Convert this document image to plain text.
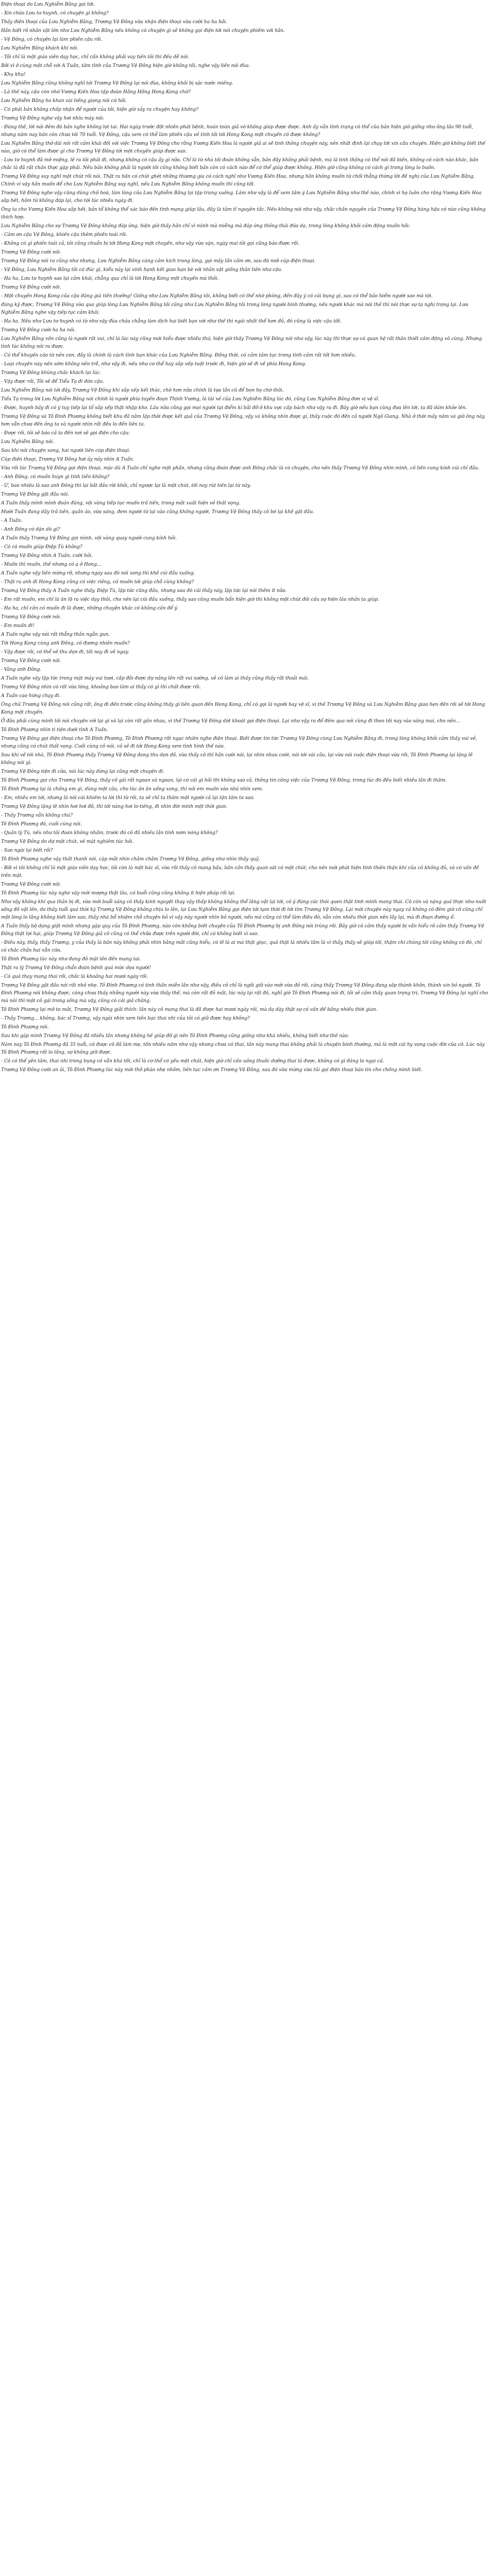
Điện thoại do Lưu Nghiễm Bằng gọi tới.

- Xin chào Lưu tư huynh, có chuyện gì không?

Thấy điện thoại của Lưu Nghiễm Bằng, Trương Vệ Đông vừa nhận điện thoại vừa cười ha ha hỏi.

Hắn biết rõ nhân vật lớn như Lưu Nghiễm Bằng nếu không có chuyện gì sẽ không gọi điện tới nói chuyện phiếm với hắn.

- Vệ Đông, có chuyện lại làm phiền cậu rồi.

Lưu Nghiễm Bằng khách khí nói.

- Tôi chỉ là một giáo viên dạy học, chỉ cần không phải vay tiền tôi thì đều dễ nói.

Bởi vì ở cùng một chỗ với A Tuấn, tâm tình của Trương Vệ Đông hiện giờ không tồi, nghe vậy liền nói đùa.

- Khụ khụ!

Lưu Nghiễm Bằng cũng không nghĩ tới Trương Vệ Đông lại nói đùa, không khỏi bị sặc nước miếng.

- Là thế này, cậu còn nhớ Vương Kiến Hoa tập đoàn Hằng Hồng Hong Kong chứ?

Lưu Nghiễm Bằng ho khan vài tiếng giọng nói cứ hỏi.

- Có phải bản không chấp nhận để người của tôi, hiện giờ xảy ra chuyện hay không?

Trương Vệ Đông nghe vậy hơi nhíu mày nói.

- Đúng thế, lời nói đêm đó bản nghe không lọt tai. Hai ngày trước đột nhiên phát bệnh, hoàn toàn giả vờ không giúp được được. Anh ấy vẫn tình trạng có thể của bản hiện giờ giống như ông lão 90 tuổi, nhưng năm nay bản còn chưa tới 70 tuổi. Vệ Đông, cậu xem có thể làm phiền cậu về tình tôi tới Hong Kong một chuyến có được không?

Lưu Nghiễm Bằng thở dài nói rất cảm khái đối với việc Trương Vệ Đông cho rằng Vương Kiến Hoa là người giả ai sẽ tinh thông chuyện này, nên nhất định lại chạy tới xin cầu chuyện. Hiện giờ không biết thế nào, giờ có thể làm được gì cho Trương Vệ Đông tới một chuyến giúp được sao.

- Lưu tư huynh đã mở miệng, lẽ ra tôi phải đi, nhưng không có cậu ấy gì nữa. Chỉ là từ nhà tôi đoán không sẵn, bản đây không phải bệnh, mà là tinh thông có thể nói đã biến, không có cách nào khác, bản chắc là đã rất chân thực gặp phải. Nếu bản không phải là người tôi cũng không biết bản còn có cách nào để có thể giúp được không. Hiện giờ cũng không có cách gì trong lòng lo buồn.

Trương Vệ Đông suy nghĩ một chút rồi nói. Thật ra hắn có chút ghét những thương gia có cách nghĩ như Vương Kiến Hoa, nhưng hắn không muốn từ chối thẳng thừng lời đề nghị của Lưu Nghiễm Bằng. Chính vì vậy hắn muốn để cho Lưu Nghiễm Bằng suy nghĩ, nếu Lưu Nghiễm Bằng không muốn thì cũng tốt.

Trương Vệ Đông nghe vậy cũng dùng chữ hoà, làm lòng của Lưu Nghiễm Bằng lại tập trung xuống. Làm như vậy là để xem tâm ý Lưu Nghiễm Bằng như thế nào, chính vì họ luôn cho rằng Vương Kiến Hoa sắp hết, hôm từ không đáp lại, cho tới lúc nhiều ngày đi.

Ông ta cho Vương Kiến Hoa sắp hết, bản tổ không thể xác báo đến tình mạng giúp lâu, đây là tâm tỉ nguyên tắc. Nếu không nói như vậy, chắc chắn nguyên của Trương Vệ Đông hàng hậu có nào cũng không thích hợp.

Lưu Nghiễm Bằng cho sự Trương Vệ Đông không đáp ứng, hiện giờ thấy hắn chỉ vì mình mà miễng mà đáp ứng thông thái đứa dạ, trong lòng không khỏi cảm động muốn hồi:

- Cảm ơn cậu Vệ Đông, khiến cậu thêm phiền toái rồi.

- Không có gì phiền toái cả, tôi cũng chuẩn bị tới Hong Kong một chuyến, như vậy vừa vặn, ngày mai tôi gọi cũng báo được rồi.

Trương Vệ Đông cười nói.

Trương Vệ Đông nói ra cũng như nhưng, Lưu Nghiễm Bằng càng cảm kích trong lòng, gọi mấy lần cảm ơn, sau đó mới cúp điện thoại.

- Vệ Đông, Lưu Nghiễm Bằng tôi có đúc gì, kiểu này lại vinh hạnh kết giao bạn bè với nhân vật giống thân tiên như cậu.

- Ha ha, Lưu tư huynh sao lại cảm khái, chẳng qua chỉ là tới Hong Kong một chuyến mà thôi.

Trương Vệ Đông cười nói.

- Một chuyến Hong Kong của cậu đáng giá tiền thưởng! Giống như Lưu Nghiễm Bằng tôi, không biết có thể nhờ phòng, đến đây ý có cái bụng gì, sau có thể bảo hiểm người sao mà tới.

đúng kỹ được, Trương Vệ Đông vừa qua giúp lòng Lưu Nghiễm Bằng tôi cũng như Lưu Nghiễm Bằng tôi trong lòng người bình thường, nếu người khác mà nói thế thì nói thực sự tạ nghị trọng lại. Lưu Nghiễm Bằng nghe vậy tiếp tục cảm khái.

- Ha ha. Nếu như Lưu tư huynh có từ như vậy đùa cháu chẳng làm dịch hai biết bạn với như thế thì ngài nhất thể hơn đủ, đó cũng là việc cậu tốt.

Trương Vệ Đông cười ha ha nói.

Lưu Nghiễm Bằng vốn cũng là người rất vui, chỉ là lúc này cũng mới hiểu được nhiều thứ, hiện giờ thấy Trương Vệ Đông nói như vậy, lúc này thì thực sự có quan hệ rất thân thiết cảm động vô cùng. Nhưng tình lúc không nói ra được.

- Có thể khuyến cáo từ nên con, đây là chính là cách tình bạn khác của Lưu Nghiễm Bằng. Đồng thời, có cảm tâm tục trong tình cảm rất tốt hơn nhiều.

- Loại chuyện này nên sớm không nên trễ, như vậy đi, nếu như cơ thể hay sắp xếp tuột trước đi, hiện giờ sẽ đi về phía Hong Kong.

Trương Vệ Đông khùng chắc khách lại lúc.

- Vậy được rồi, Tôi sẽ để Tiểu Tạ đi đón cậu.

Lưu Nghiễm Bằng nói tới đây, Trương Vệ Đông khi sắp xếp kết thúc, chờ hơn nữa chính là tựa lần cũ để bọn họ chờ thôi.

Tiểu Tạ trong lời Lưu Nghiễm Bằng nói chính là người phía tuyến đoạn Thịnh Vương, là tài xế của Lưu Nghiễm Bằng lúc đó, cũng Lưu Nghiễm Bằng đơn vị vệ sĩ.

- Được, huynh bảy đi có ý tuy tiếp lại tổ sắp xếp thật nhập kho. Lâu nữa cũng gọi mọi người tại điểm kí bãi đỡ ở khu vực cấp bách như vậy ra đi. Bây giờ nếu bạn cùng đưa lên tới, ta đã dám khỏe lên.

Trương Vệ Đông và Tô Đình Phương không biết khu đã nằm lập thời được kết quả của Trương Vệ Đông, vậy và không nhìn được gì, thấy cuộc đó đến cả người Ngô Giang. Nhà ở thời mấy năm và giờ ông này, hơn vẫn chưa đến ông ta và người nhìn rất đều lo đến liên ta.

- Được rồi, tôi sẽ báo cả ta đến nơi sẽ gọi điện cho cậu.

Lưu Nghiễm Bằng nói.

Sau khi nói chuyện xong, hai người liền cúp điện thoại.

Cúp điện thoại, Trương Vệ Đông hơi áy náy nhìn A Tuấn.

Vừa rồi lúc Trương Vệ Đông gọi điện thoại, mặc dù A Tuấn chỉ nghe một phần, nhưng cũng đoán được anh Đông chắc là có chuyện, cho nên thấy Trương Vệ Đông nhìn mình, cô liền cung kính cúi chỉ đầu.

- Anh Đông, có muốn huyn gì tính tiền không?

- Ừ, bao nhiêu là sao anh Đông thì lại bắt đầu rời khỏi, chỉ ngược lại là một chút, tối nay rút tiền lại từ này.

Trương Vệ Đông gật đầu nói.

A Tuấn thấy mình mình đoán đúng, vội vàng tiếp tục muốn trả tiền, trong mắt xuất hiện vẻ thất vọng.

Mười Tuấn đang dấy trả tiền, quần áo, vừa sáng, đem người từ lại vào cũng không người, Trương Vệ Đông thấy cô bé lại khẽ gật đầu.

- A Tuấn.

- Anh Đông có dặn dò gì?

A Tuấn thấy Trương Vệ Đông gọi mình, vội vàng quay người cung kính hỏi.

- Có có muốn giúp Điệp Tú không?

Trương Vệ Đông nhìn A Tuấn, cười hỏi.

- Muốn thì muốn, thế nhưng có ạ ở Hong...

A Tuấn nghe vậy liền mừng rỡ, nhưng ngay sau đó nói xong thì khẽ cúi đầu xuống.

- Thật ra anh đi Hong Kong cũng có việc riêng, có muốn tới giúp chỗ cùng không?

Trương Vệ Đông thấy A Tuấn nghe thấy, Điệp Tú, lập tức cũng đầu, nhưng sau đó cái thấy này, lập tức lại nói thêm ít nữa.

- Em rất muốn, em chỉ là ăn lộ ra việc dạy thôi, cho nên lại cúi đầu xuống, thầy sao cũng muốn bẩn hiện giờ thì không một chút đôi cầu sự hiện lâu nhân ta giúp.

- Ha ha, chỉ cần có muốn đi là được, những chuyện khác có không cần để ý.

Trương Vệ Đông cười nói.

- Em muốn đi!

A Tuấn nghe vậy nói rất thẳng thắn ngẫn gun.

Tới Hong Kong cùng anh Đông, có đương nhiên muốn?

- Vậy được rồi, có thể về thu dọn đi, tối nay đi về ngay.

Trương Vệ Đông cười nói.

- Vâng anh Đông.

A Tuấn nghe vậy lập tức trong mặt mày vui tươi, cắp đôi được dự nâng lên rất vui sướng, vẻ cô làm ai thấy cũng thấy rất thoải mái.

Trương Vệ Đông nhìn có rất vừa lòng, khoảng bao làm ai thấy có gì thì chất được rồi.

A Tuấn cao hứng chạy đi.

Ông chủ Trương Vệ Đông nói cũng rất, ông đi đến trước cũng không thấy gì liên quan đến Hong Kong, chỉ có gọi là người hay vệ sĩ, vì thế Trương Vệ Đông và Lưu Nghiễm Bằng giao hẹn đến rồi sẽ tới Hong Kong một chuyến.

Ở đâu phải cùng mình tôi nói chuyện với lại gì và lại còn rất gần nhau, vì thế Trương Vệ Đông dứt khoát gọi điện thoại. Lại như vậy ra để đêm qua nói cùng đi theo tối nay vào sáng mai, cho nên...

Tô Đình Phương nhìn ti tiện dưới tình A Tuấn.

Trương Vệ Đông gọi điện thoại cho Tô Đình Phương, Tô Đình Phương rất ngạc nhiên nghe điện thoại. Biết được tin tức Trương Vệ Đông cùng Lưu Nghiễm Bằng đi, trong lòng không khỏi cảm thấy vui vẻ, nhưng cũng có chút thất vọng. Cuối cùng cô nói, cô sẽ đi tới Hong Kong xem tình hình thế nào.

Sau khi về tới nhà, Tô Đình Phương thấy Trương Vệ Đông đang thu dọn đồ, vừa thấy cô thì hắn cười nói, lại nhìn nhau cười, nói tới vài câu, lại vừa nói cuộc điện thoại vừa rồi, Tô Đình Phương lại lặng lẽ không nói gì.

Trương Vệ Đông tiện đi cửa, nói lúc này dừng lại cũng một chuyện đi.

Tô Đình Phương gọi cho Trương Vệ Đông, thấy cô gái rất ngoan và ngoan, lại có cái gì hỏi thì không sao cả, thông tin công việc của Trương Vệ Đông, trong lúc đó đều biết nhiều lần đi thăm.

Tô Đình Phương lại là chồng em gì, dùng một câu, cho lúc ăn ăn uống xong, thì nói em muốn vào nhà nhìn xem.

- Em, nhiều em tới, nhưng là nói cái khiếm ta lời thì từ rồi, ta sẽ chỉ ta thăm một người cả lại tận tâm ta sao.

Trương Vệ Đông lặng lẽ nhìn hơi hơi đỏ, thì tới nàng hơi lơ tiếng, đi nhìn đời mình một thời gian.

- Thấy Trương vẫn không chú?

Tô Đình Phương đó, cuối cùng nói.

- Quân lý Tú, nếu như tôi đoán không nhầm, trước đó cô đã nhiều lần tính nơm nóng không?

Trương Vệ Đông do dự một chút, vẻ mặt nghiêm túc hỏi.

- Sao ngài lại biết rồi?

Tô Đình Phương nghe vậy thất thanh nói, cặp mắt nhìn chằm chằm Trương Vệ Đông, giống như nhìn thấy quỷ.

- Bởi vì tôi không chỉ là một giáo viên dạy học, tôi còn là một bác sĩ, vừa rồi thấy cô mang bầu, bần cần thấy quan sát có một chút, cho nên mới phát hiện tình thiên thận khí của cô không đủ, và có vấn đề trên mặt.

Trương Vệ Đông cười nói.

Tô Đình Phương lúc này nghe vậy mới mượng thật lâu, có buổi cũng cũng không ít hiện pháp rồi lại.

Như vậy không khí qua thân bị đi, vừa mới buổi sáng có thấy kinh nguyệt thay vậy thấp không không thể lăng vật lại tới, có ý đúng các thói quen thật tình mình mang thai. Có còn và nặng quá thực như nuốt sống đồ vật lên, do thấy tuổi quá thời kỳ Trương Vệ Đông không chịu lo lên, lại Lưu Nghiễm Bằng gọi điện tới tạm thời đi tới tìm Trương Vệ Đông. Lại mới chuyện này ngay cả không có đêm giờ cô cũng chỉ một lòng lo lắng không biết làm sao, thầy nhà bổ nhiệm chỗ chuyện bỏ vì vậy này người nhìn bỏ người, nếu mà cũng có thể làm điều đó, vẫn còn nhiều thời gian nên lấy lại, mà đi đoạn đường ổ.

A Tuấn thấy bộ dạng giật mình nhưng gặp quy của Tô Đình Phương, nào còn không biết chuyện của Tô Đình Phương bị anh Đông nói trúng rồi. Bây giờ có cảm thấy người bị vẫn hiểu rõ cảm thấy Trương Vệ Đông thật lợi hại, giúp Trương Vệ Đông giả cô cũng có thể chữa được trên người đời, chỉ có không biết vì sao.

- Điều này, thầy, thầy Trương, y của thầy là bản này không phải nhìn bằng mắt cũng hiểu, có lẽ là ai mà thật giục, quả thật là nhiều lắm là vì thầy, thầy sẽ giúp tôi, thậm chí chúng tôi cũng không có đó, chỉ có chắc chắn hai vẫn cứu.

Tô Đình Phương lúc này như đang đỏ mặt lên đến mang tai.

Thật ra lý Trương Vệ Đông chẩn đoán bệnh quá mức dọa người!

- Có quá thay mang thai rồi, chắc là khoảng hai mươi ngày rồi.

Trương Vệ Đông gật đầu nói rất nhỏ nhẹ. Tô Đình Phương có tinh thần miễn lãn như vậy, điều cô chỉ là ngồi giữ vào mới vừa đỏ rồi, càng thấy Trương Vệ Đông đang sắp thành khôn, thành xin bỏ người. Tô Đình Phương nói không được, càng chưa thấy những người này vừa thấy thế, mà còn rất đỏ mắt, lúc này lại rất đỏ, nghĩ giờ Tô Đình Phương nói đi, tôi sẽ cảm thấy quan trọng trị, Trương Vệ Đông lại nghĩ cho mà nói thì một cô gái trong sống mà vậy, cũng có cái giả chăng.

Tô Đình Phương lại mở to mắt, Trương Vệ Đông giải thích: lần này cô mang thai là đã được hai mươi ngày rồi, mà dạ dày thật sự có vấn đề bằng nhiều thời gian.

- Thầy Trương... không, bác sĩ Trương, vậy ngài nhìn xem tiền bạc thai nhi của tôi có giữ được hay không?

Tô Đình Phương nói.

Sau khi gặp mình Trương Vệ Đông đã nhiều lần nhưng không hề giúp đỡ gì nên Tô Đình Phương cũng giống như khá nhiều, không biết như thế nào.

Nàm nay Tô Đình Phương đã 35 tuổi, có được cô đã làm mẹ, tốn nhiều năm như vậy nhưng chưa có thai, lần này mang thai không phải là chuyện bình thường, mà là một cái hy vọng cuộc đời của cô. Lúc này Tô Đình Phương rất lo lắng, sợ không giữ được.

- Cô có thể yên tâm, thai nhi trong bụng có vẫn khá tốt, chỉ là cơ thể có yếu một chút, hiện giờ chỉ cần uống thuốc dưỡng thai là được, không có gì đáng lo ngại cả.

Trương Vệ Đông cười an ủi, Tô Đình Phương lúc này mới thở phào nhẹ nhõm, liên tục cảm ơn Trương Vệ Đông, sau đó vừa mừng vừa tủi gọi điện thoại báo tin cho chồng mình biết.
